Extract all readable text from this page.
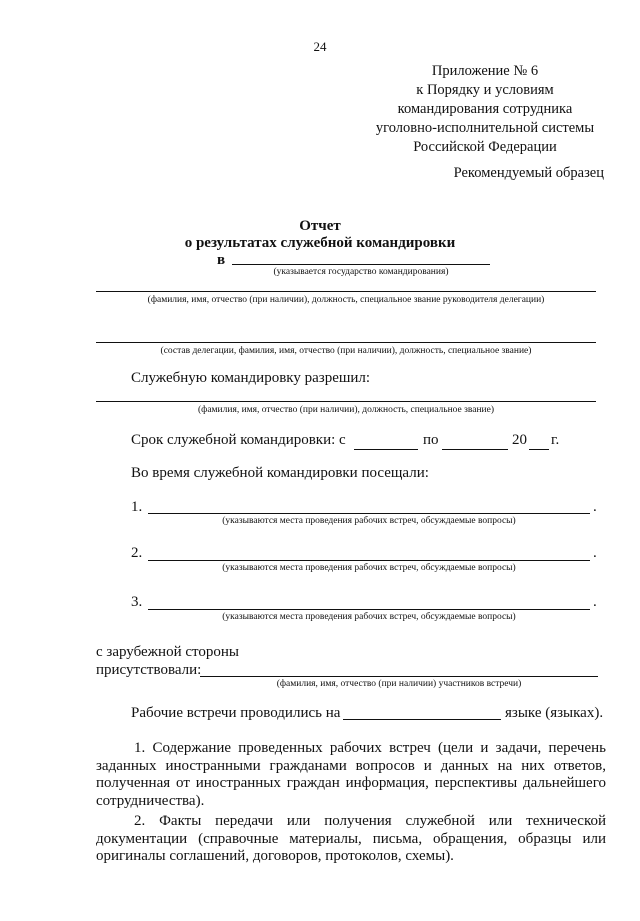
24
Приложение № 6
к Порядку и условиям
командирования сотрудника
уголовно-исполнительной системы
Российской Федерации
Рекомендуемый образец
Отчет
о результатах служебной командировки
в
(указывается государство командирования)
(фамилия, имя, отчество (при наличии), должность, специальное звание руководителя делегации)
(состав делегации, фамилия, имя, отчество (при наличии), должность, специальное звание)
Служебную командировку разрешил:
(фамилия, имя, отчество (при наличии), должность, специальное звание)
Срок служебной командировки: с	по	20 г.
Во время служебной командировки посещали:
1.	.
(указываются места проведения рабочих встреч, обсуждаемые вопросы)
2.	.
(указываются места проведения рабочих встреч, обсуждаемые вопросы)
3.	.
(указываются места проведения рабочих встреч, обсуждаемые вопросы)
с зарубежной стороны
присутствовали:
(фамилия, имя, отчество (при наличии) участников встречи)
Рабочие встречи проводились на	языке (языках).
1. Содержание проведенных рабочих встреч (цели и задачи, перечень заданных иностранными гражданами вопросов и данных на них ответов, полученная от иностранных граждан информация, перспективы дальнейшего сотрудничества).
2. Факты передачи или получения служебной или технической документации (справочные материалы, письма, обращения, образцы или оригиналы соглашений, договоров, протоколов, схемы).
